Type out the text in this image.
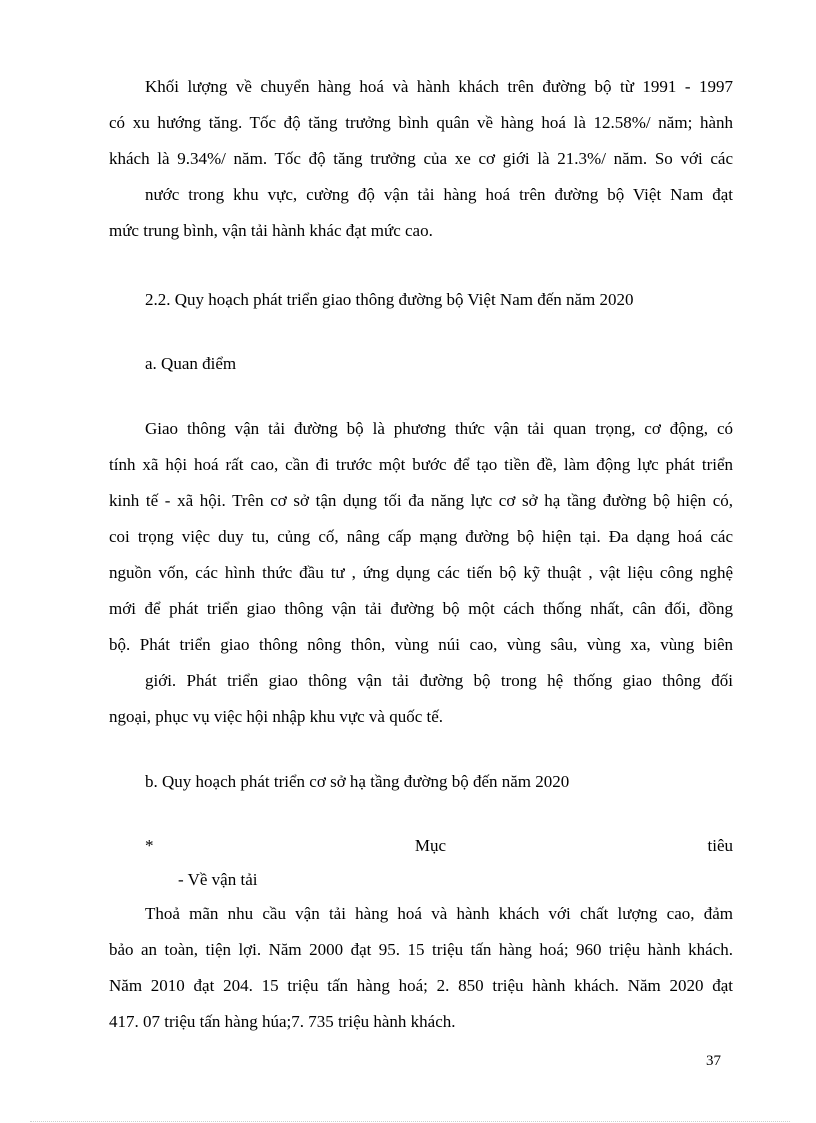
Khối lượng về chuyển hàng hoá và hành khách trên đường bộ từ 1991 - 1997
có xu hướng tăng. Tốc độ tăng trưởng bình quân về hàng hoá là 12.58%/ năm; hành
khách là 9.34%/ năm. Tốc độ tăng trưởng của xe cơ giới là 21.3%/ năm. So với các
nước trong khu vực, cường độ vận tải hàng hoá trên đường bộ Việt Nam đạt
mức trung bình, vận tải hành khác đạt mức cao.
2.2. Quy hoạch phát triển giao thông đường bộ Việt Nam đến năm 2020
a. Quan điểm
Giao thông vận tải đường bộ là phương thức vận tải quan trọng, cơ động, có
tính xã hội hoá rất cao, cần đi trước một bước để tạo tiền đề, làm động lực phát triển
kinh tế - xã hội. Trên cơ sở tận dụng tối đa năng lực cơ sở hạ tầng đường bộ hiện có,
coi trọng việc duy tu, củng cố, nâng cấp mạng đường bộ hiện tại. Đa dạng hoá các
nguồn vốn, các hình thức đầu tư , ứng dụng các tiến bộ kỹ thuật , vật liệu công nghệ
mới để phát triển giao thông vận tải đường bộ một cách thống nhất, cân đối, đồng
bộ. Phát triển giao thông nông thôn, vùng núi cao, vùng sâu, vùng xa, vùng biên
giới. Phát triển giao thông vận tải đường bộ trong hệ thống giao thông đối
ngoại, phục vụ việc hội nhập khu vực và quốc tế.
b. Quy hoạch phát triển cơ sở hạ tầng đường bộ đến năm 2020
* Mục tiêu
- Về vận tải
Thoả mãn nhu cầu vận tải hàng hoá và hành khách với chất lượng cao, đảm
bảo an toàn, tiện lợi. Năm 2000 đạt 95. 15 triệu tấn hàng hoá; 960 triệu hành khách.
Năm 2010 đạt 204. 15 triệu tấn hàng hoá; 2. 850 triệu hành khách. Năm 2020 đạt
417. 07 triệu tấn hàng húa;7. 735 triệu hành khách.
37
